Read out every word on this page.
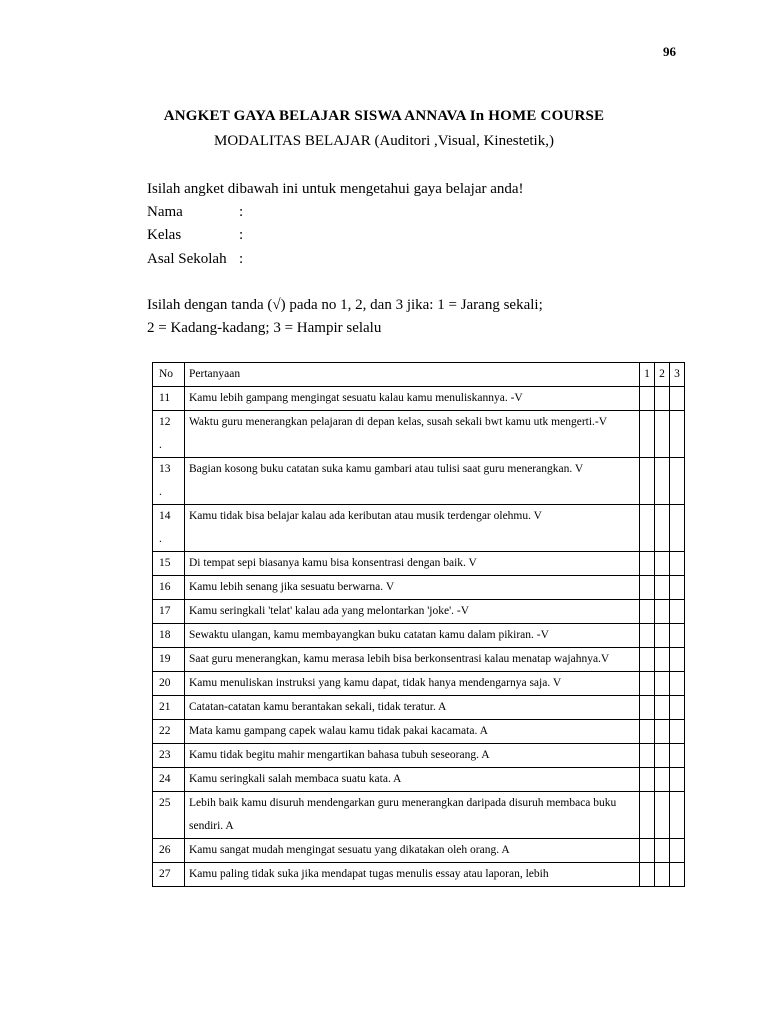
96
ANGKET GAYA BELAJAR SISWA ANNAVA In HOME COURSE
MODALITAS BELAJAR (Auditori ,Visual, Kinestetik,)
Isilah angket dibawah ini untuk mengetahui gaya belajar anda!
Nama	:
Kelas	:
Asal Sekolah :
Isilah dengan tanda (√) pada no 1, 2, dan 3 jika: 1 = Jarang sekali;
2 = Kadang-kadang; 3 = Hampir selalu
No	Pertanyaan	1	2	3
11	Kamu lebih gampang mengingat sesuatu kalau kamu menuliskannya. -V			
12
.	Waktu guru menerangkan pelajaran di depan kelas, susah sekali bwt kamu utk mengerti.-V			
13
.	Bagian kosong buku catatan suka kamu gambari atau tulisi saat guru menerangkan. V			
14
.	Kamu tidak bisa belajar kalau ada keributan atau musik terdengar olehmu. V			
15	Di tempat sepi biasanya kamu bisa konsentrasi dengan baik. V			
16	Kamu lebih senang jika sesuatu berwarna. V			
17	Kamu seringkali 'telat' kalau ada yang melontarkan 'joke'. -V			
18	Sewaktu ulangan, kamu membayangkan buku catatan kamu dalam pikiran. -V			
19	Saat guru menerangkan, kamu merasa lebih bisa berkonsentrasi kalau menatap wajahnya.V			
20	Kamu menuliskan instruksi yang kamu dapat, tidak hanya mendengarnya saja. V			
21	Catatan-catatan kamu berantakan sekali, tidak teratur. A			
22	Mata kamu gampang capek walau kamu tidak pakai kacamata. A			
23	Kamu tidak begitu mahir mengartikan bahasa tubuh seseorang. A			
24	Kamu seringkali salah membaca suatu kata. A			
25	Lebih baik kamu disuruh mendengarkan guru menerangkan daripada disuruh membaca buku sendiri. A			
26	Kamu sangat mudah mengingat sesuatu yang dikatakan oleh orang. A			
27	Kamu paling tidak suka jika mendapat tugas menulis essay atau laporan, lebih			
